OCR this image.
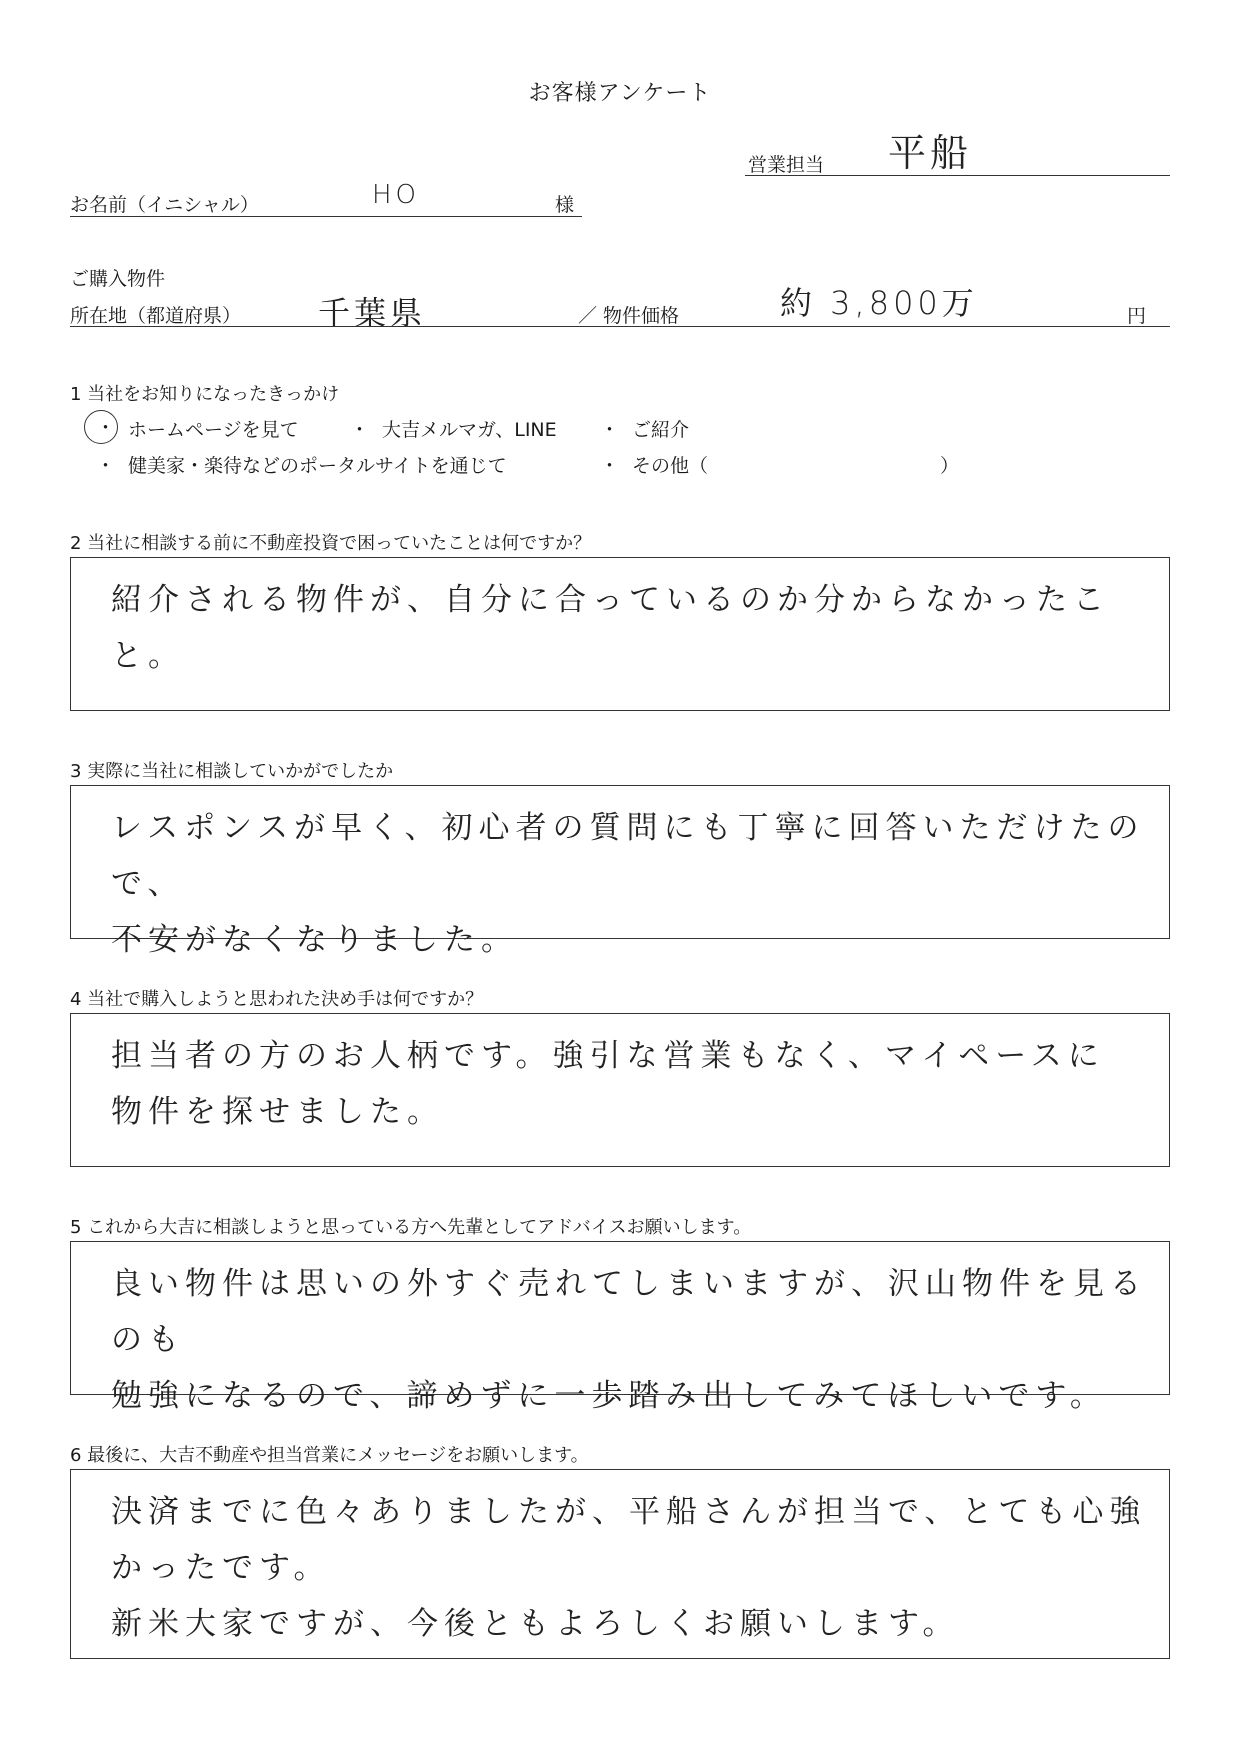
お客様アンケート
営業担当 平船
お名前（イニシャル）	HO	様
ご購入物件
所在地（都道府県） 千葉県	／ 物件価格	約 3,800万	円
1 当社をお知りになったきっかけ
・ ホームページを見て	・ 大吉メルマガ、LINE ・ ご紹介
・ 健美家・楽待などのポータルサイトを通じて	・ その他（	）
2 当社に相談する前に不動産投資で困っていたことは何ですか？
紹介される物件が、自分に合っているのか分からなかったこと。
3 実際に当社に相談していかがでしたか
レスポンスが早く、初心者の質問にも丁寧に回答いただけたので、
不安がなくなりました。
4 当社で購入しようと思われた決め手は何ですか？
担当者の方のお人柄です。強引な営業もなく、マイペースに
物件を探せました。
5 これから大吉に相談しようと思っている方へ先輩としてアドバイスお願いします。
良い物件は思いの外すぐ売れてしまいますが、沢山物件を見るのも
勉強になるので、諦めずに一歩踏み出してみてほしいです。
6 最後に、大吉不動産や担当営業にメッセージをお願いします。
決済までに色々ありましたが、平船さんが担当で、とても心強かったです。
新米大家ですが、今後ともよろしくお願いします。
